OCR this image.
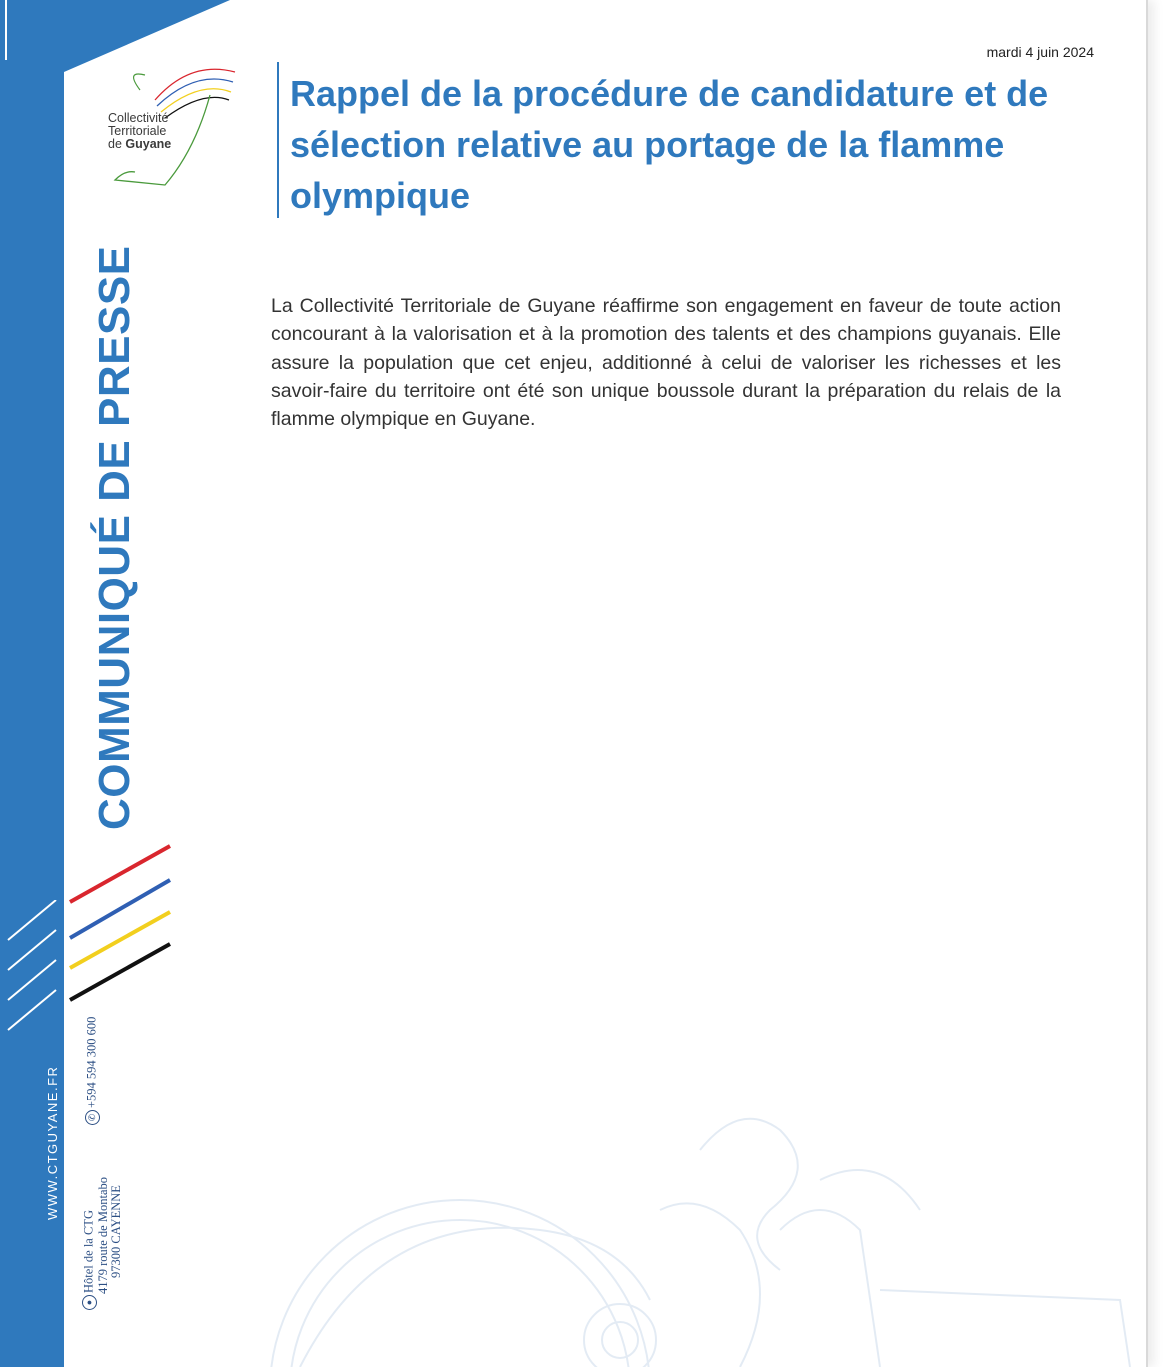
Collectivité
Territoriale
de Guyane
COMMUNIQUÉ DE PRESSE
WWW.CTGUYANE.FR	✆+594 594 300 600
●Hôtel de la CTG 4179 route de Montabo 97300 CAYENNE
mardi 4 juin 2024
Rappel de la procédure de candidature et de sélection relative au portage de la flamme olympique

La Collectivité Territoriale de Guyane réaffirme son engagement en faveur de toute action concourant à la valorisation et à la promotion des talents et des champions guyanais. Elle assure la population que cet enjeu, additionné à celui de valoriser les richesses et les savoir-faire du territoire ont été son unique boussole durant la préparation du relais de la flamme olympique en Guyane.
